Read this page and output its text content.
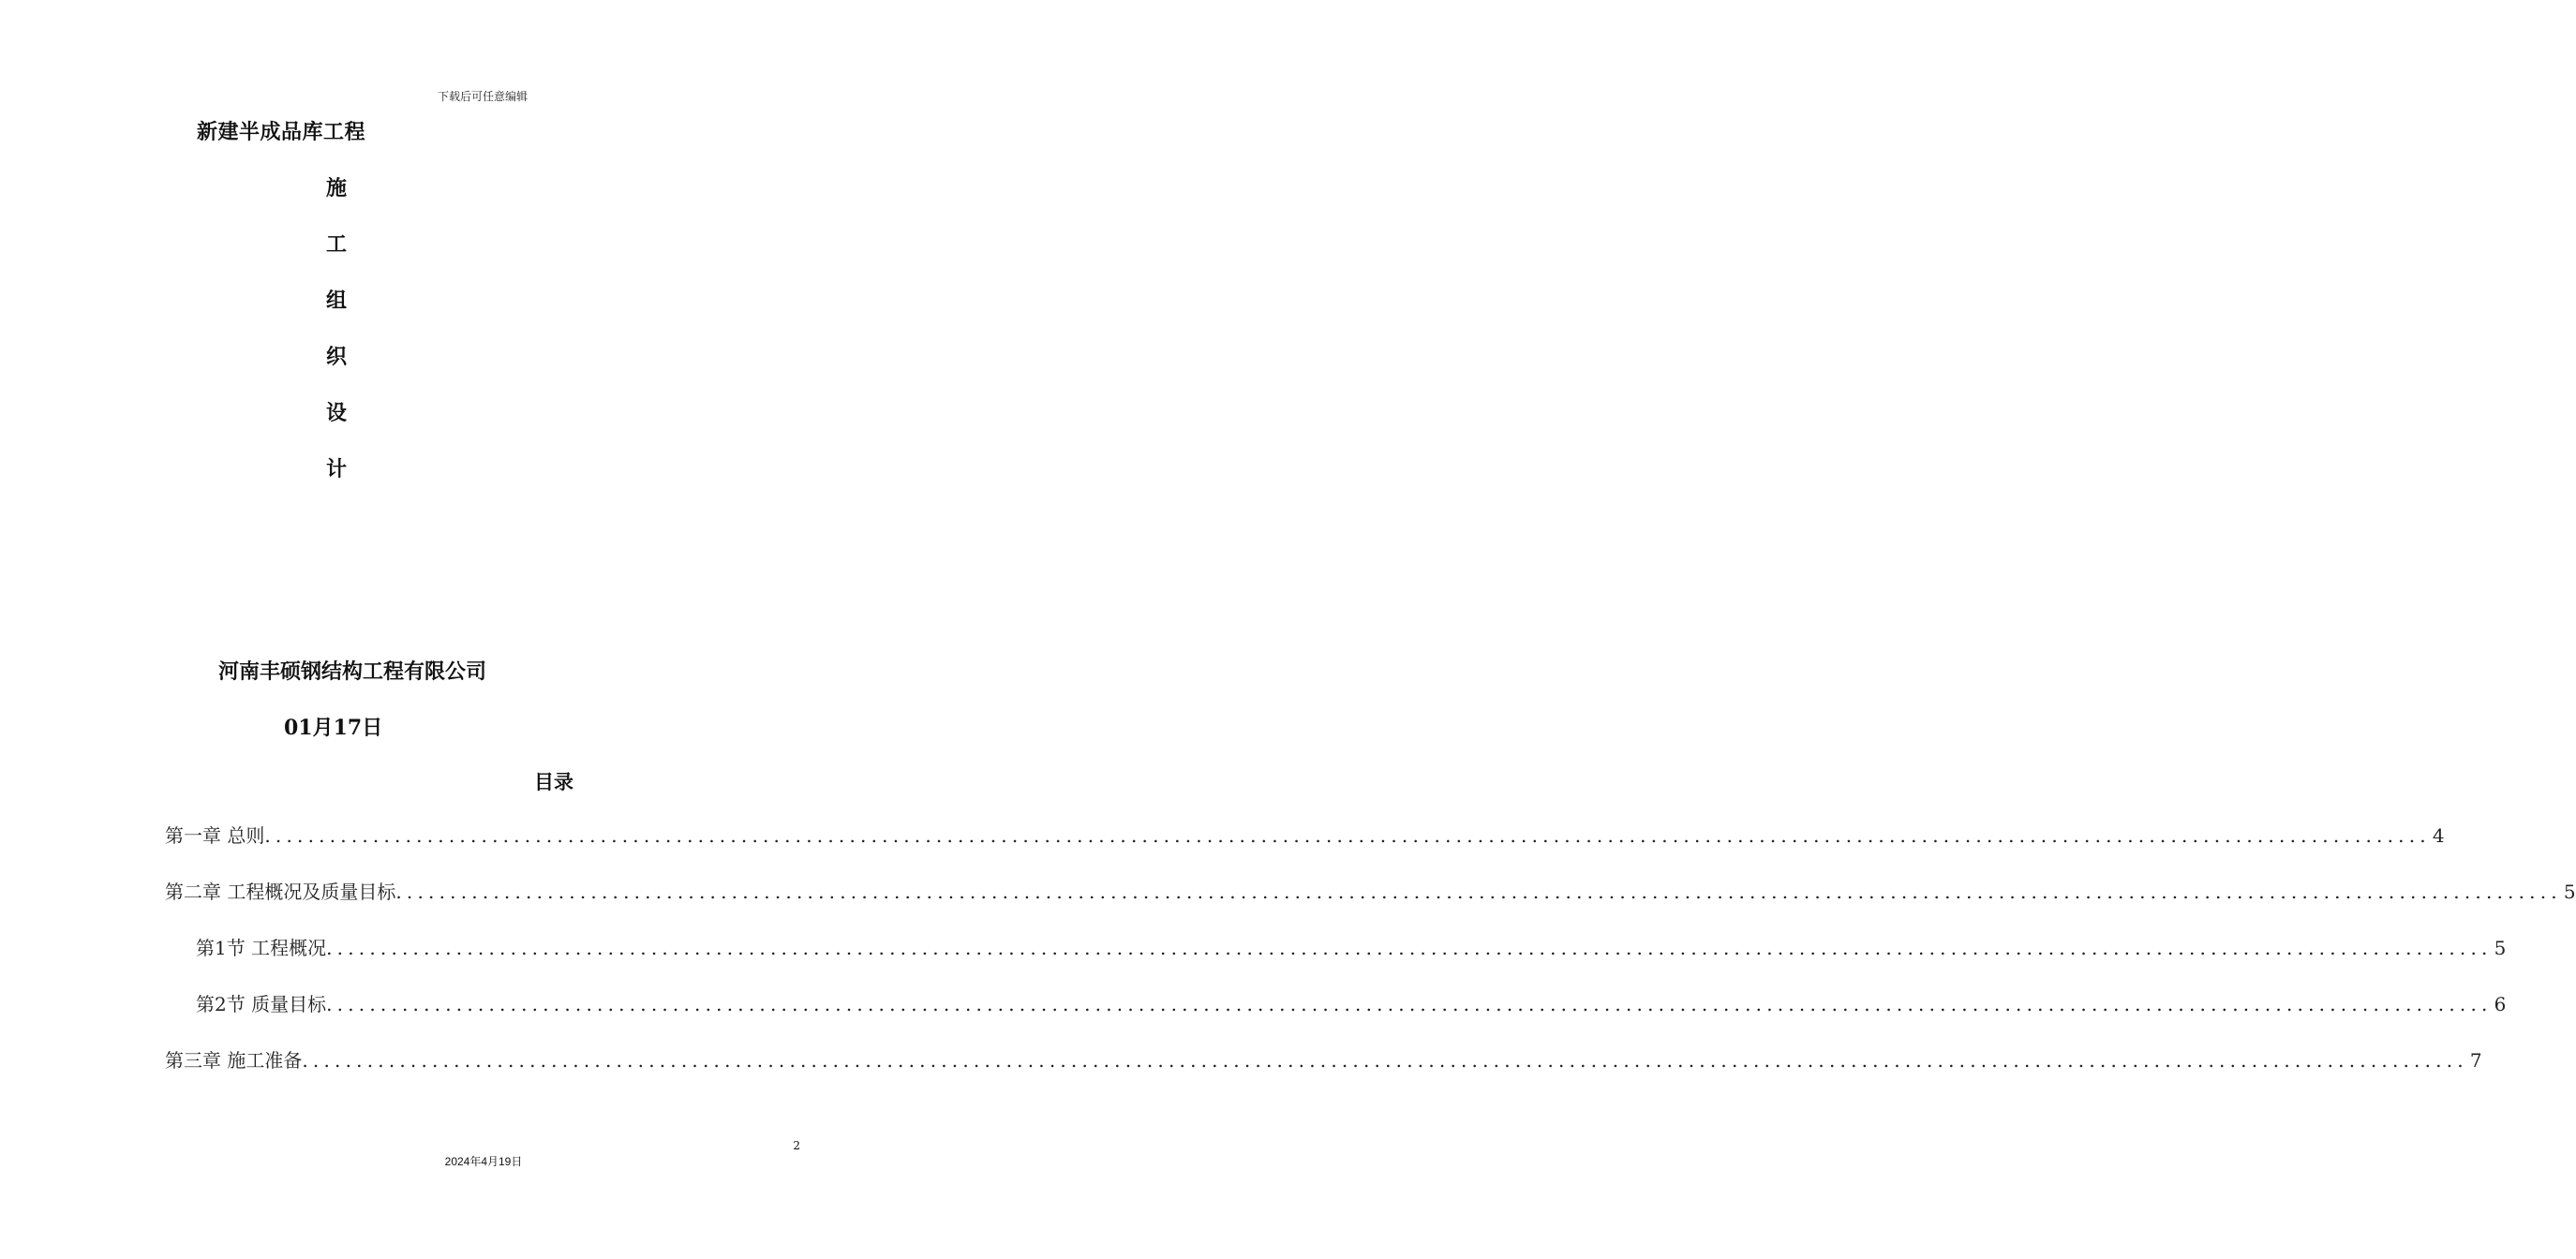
下载后可任意编辑
新建半成品库工程
施
工
组
织
设
计
河南丰硕钢结构工程有限公司
01月17日
目录
第一章 总则 ........................................................................................................................................................................................................ 4
第二章 工程概况及质量目标 ........................................................................................................................................................................................................ 5
第1节 工程概况 ........................................................................................................................................................................................................ 5
第2节 质量目标 ........................................................................................................................................................................................................ 6
第三章 施工准备 ........................................................................................................................................................................................................ 7
2
2024年4月19日
